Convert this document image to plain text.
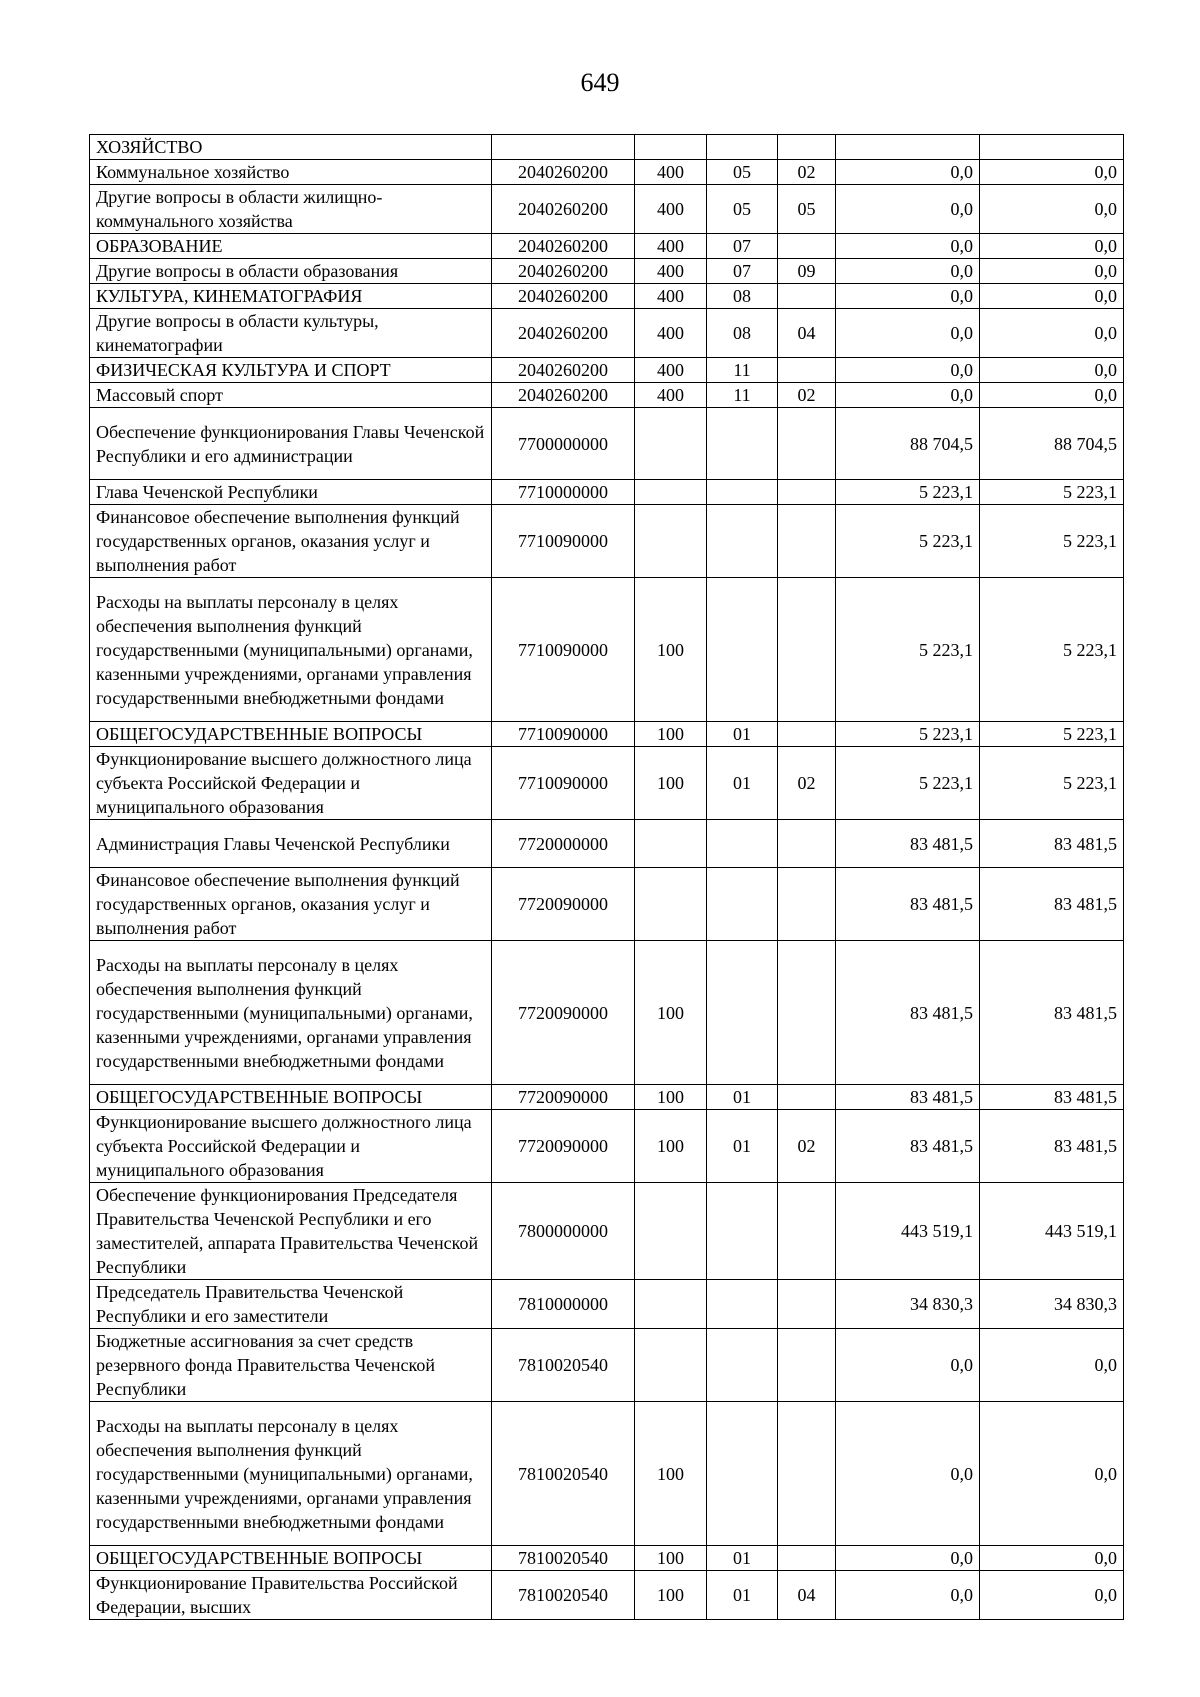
649
ХОЗЯЙСТВО						
Коммунальное хозяйство	2040260200	400	05	02	0,0	0,0
Другие вопросы в области жилищно-коммунального хозяйства	2040260200	400	05	05	0,0	0,0
ОБРАЗОВАНИЕ	2040260200	400	07		0,0	0,0
Другие вопросы в области образования	2040260200	400	07	09	0,0	0,0
КУЛЬТУРА, КИНЕМАТОГРАФИЯ	2040260200	400	08		0,0	0,0
Другие вопросы в области культуры, кинематографии	2040260200	400	08	04	0,0	0,0
ФИЗИЧЕСКАЯ КУЛЬТУРА И СПОРТ	2040260200	400	11		0,0	0,0
Массовый спорт	2040260200	400	11	02	0,0	0,0
Обеспечение функционирования Главы Чеченской Республики и его администрации	7700000000				88 704,5	88 704,5
Глава Чеченской Республики	7710000000				5 223,1	5 223,1
Финансовое обеспечение выполнения функций государственных органов, оказания услуг и выполнения работ	7710090000				5 223,1	5 223,1
Расходы на выплаты персоналу в целях обеспечения выполнения функций государственными (муниципальными) органами, казенными учреждениями, органами управления государственными внебюджетными фондами	7710090000	100			5 223,1	5 223,1
ОБЩЕГОСУДАРСТВЕННЫЕ ВОПРОСЫ	7710090000	100	01		5 223,1	5 223,1
Функционирование высшего должностного лица субъекта Российской Федерации и муниципального образования	7710090000	100	01	02	5 223,1	5 223,1
Администрация Главы Чеченской Республики	7720000000				83 481,5	83 481,5
Финансовое обеспечение выполнения функций государственных органов, оказания услуг и выполнения работ	7720090000				83 481,5	83 481,5
Расходы на выплаты персоналу в целях обеспечения выполнения функций государственными (муниципальными) органами, казенными учреждениями, органами управления государственными внебюджетными фондами	7720090000	100			83 481,5	83 481,5
ОБЩЕГОСУДАРСТВЕННЫЕ ВОПРОСЫ	7720090000	100	01		83 481,5	83 481,5
Функционирование высшего должностного лица субъекта Российской Федерации и муниципального образования	7720090000	100	01	02	83 481,5	83 481,5
Обеспечение функционирования Председателя Правительства Чеченской Республики и его заместителей, аппарата Правительства Чеченской Республики	7800000000				443 519,1	443 519,1
Председатель Правительства Чеченской Республики и его заместители	7810000000				34 830,3	34 830,3
Бюджетные ассигнования за счет средств резервного фонда Правительства Чеченской Республики	7810020540				0,0	0,0
Расходы на выплаты персоналу в целях обеспечения выполнения функций государственными (муниципальными) органами, казенными учреждениями, органами управления государственными внебюджетными фондами	7810020540	100			0,0	0,0
ОБЩЕГОСУДАРСТВЕННЫЕ ВОПРОСЫ	7810020540	100	01		0,0	0,0
Функционирование Правительства Российской Федерации, высших	7810020540	100	01	04	0,0	0,0
